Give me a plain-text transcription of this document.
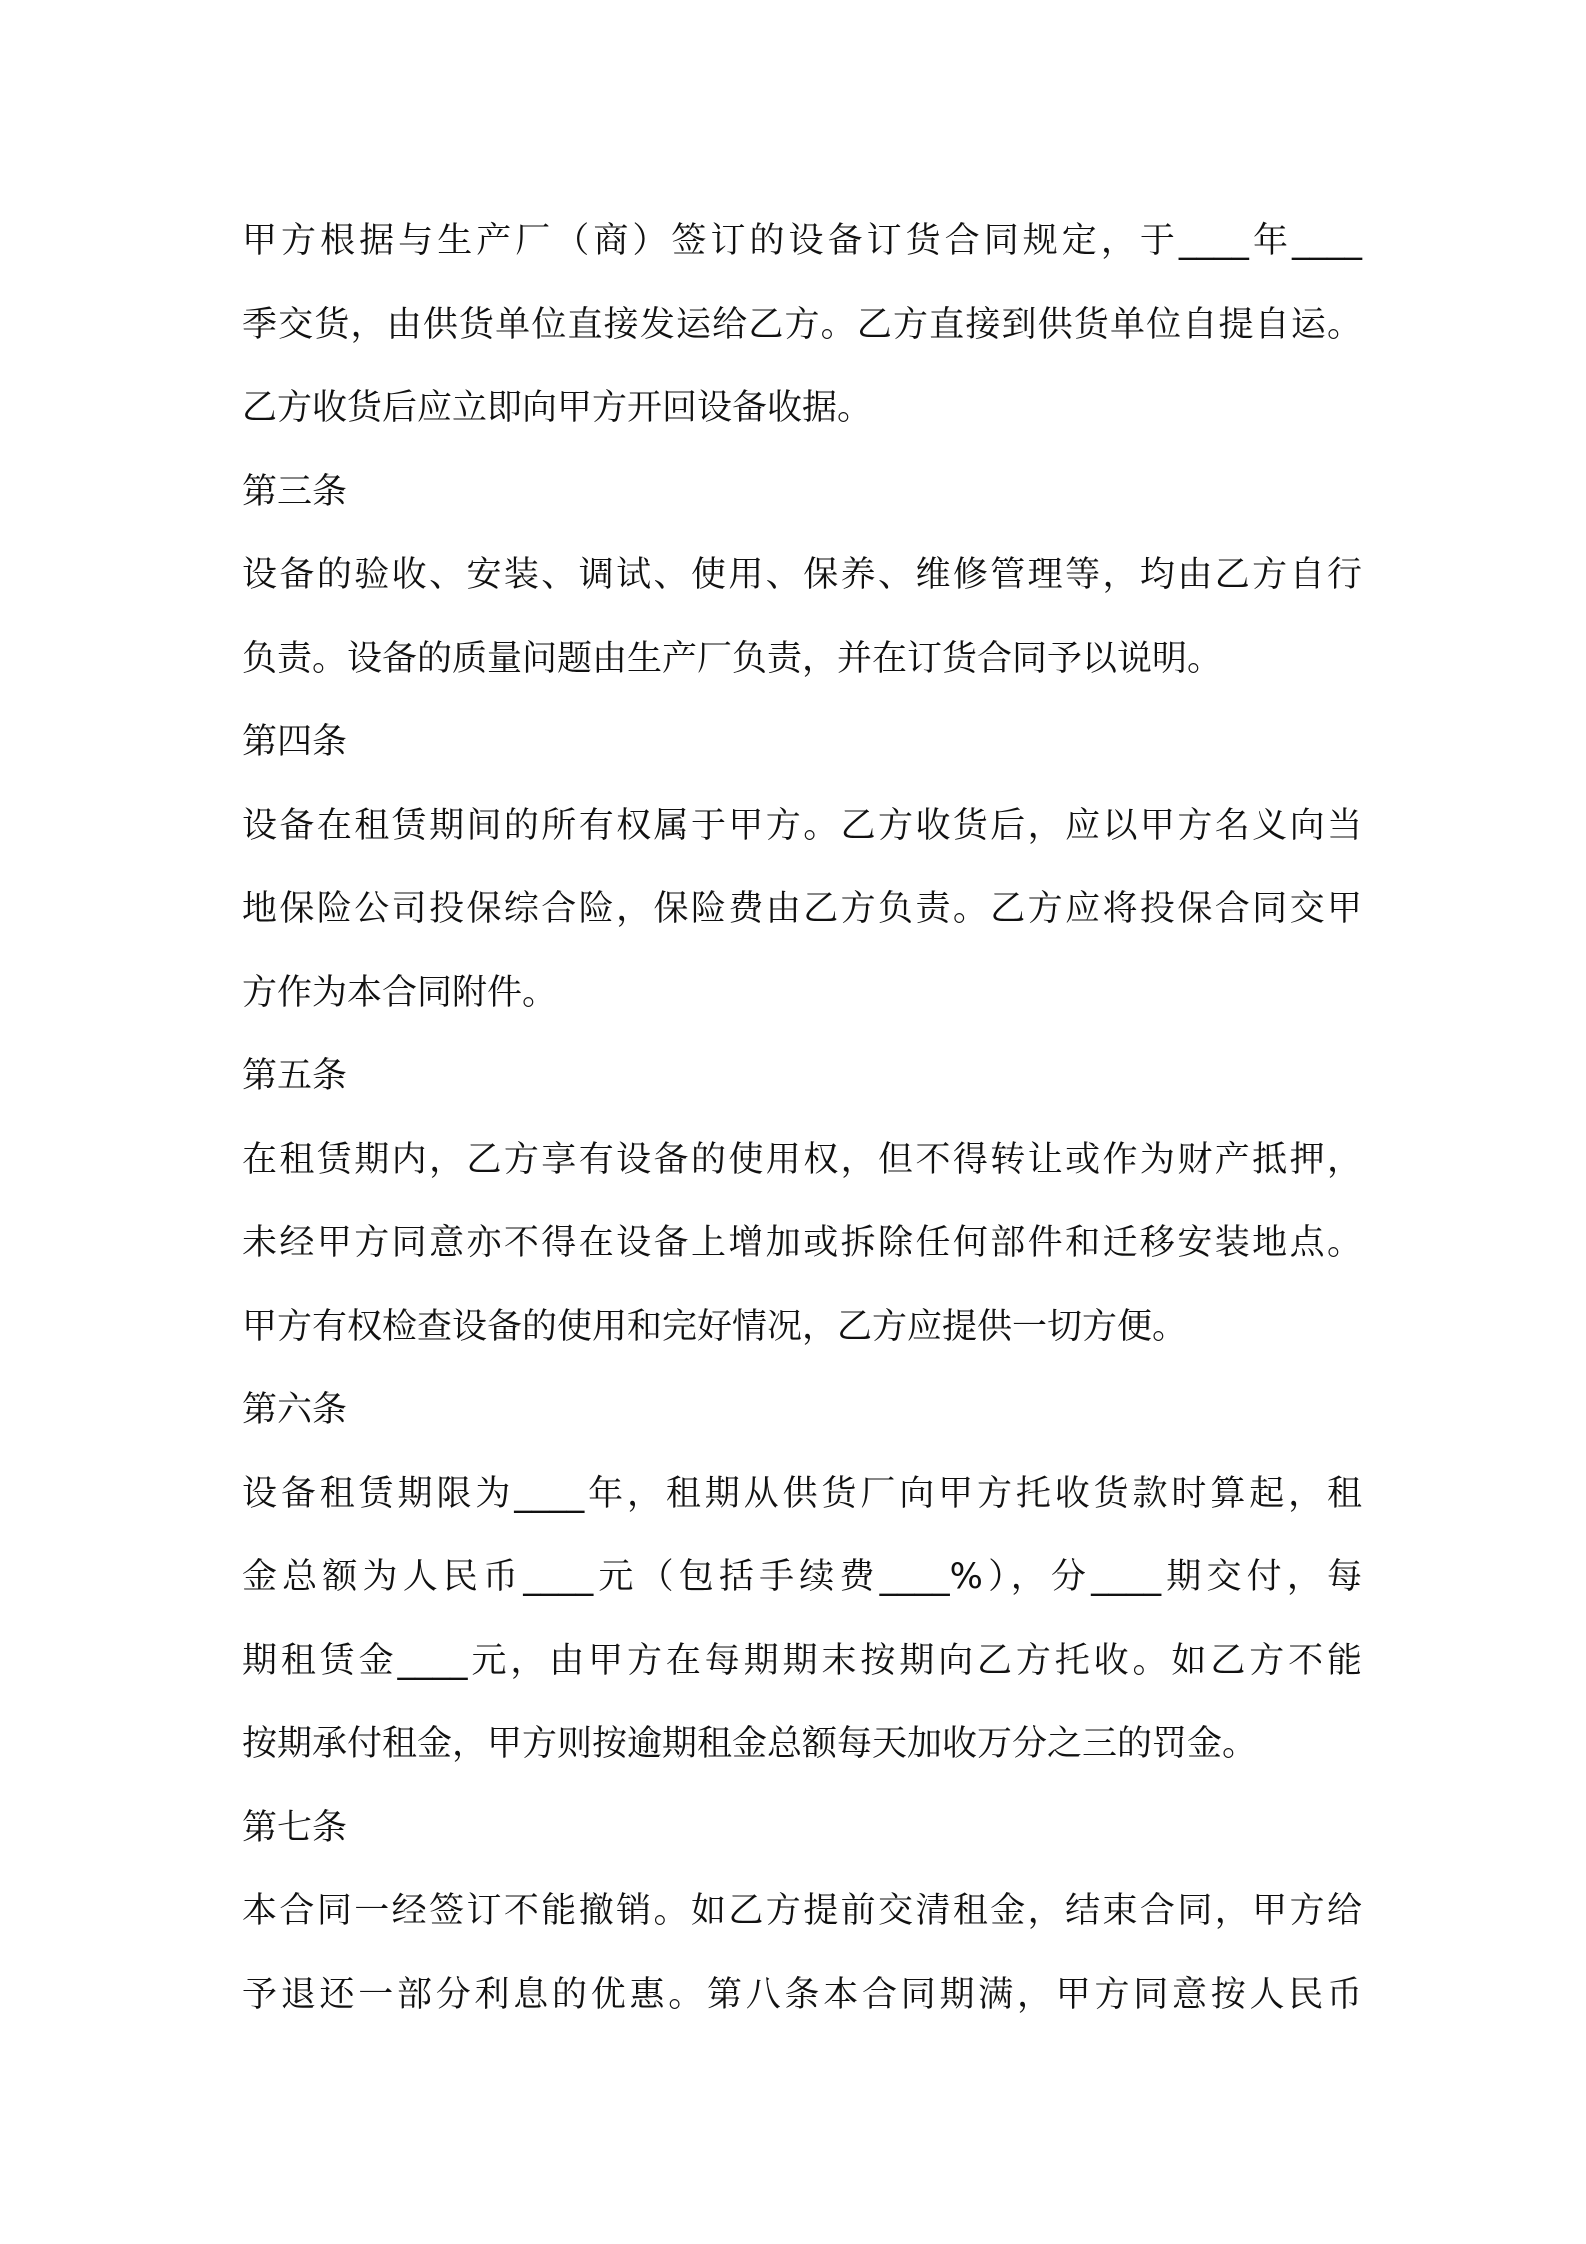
甲方根据与生产厂（商）签订的设备订货合同规定，于____年____
季交货，由供货单位直接发运给乙方。乙方直接到供货单位自提自运。
乙方收货后应立即向甲方开回设备收据。
第三条
设备的验收、安装、调试、使用、保养、维修管理等，均由乙方自行
负责。设备的质量问题由生产厂负责，并在订货合同予以说明。
第四条
设备在租赁期间的所有权属于甲方。乙方收货后，应以甲方名义向当
地保险公司投保综合险，保险费由乙方负责。乙方应将投保合同交甲
方作为本合同附件。
第五条
在租赁期内，乙方享有设备的使用权，但不得转让或作为财产抵押，
未经甲方同意亦不得在设备上增加或拆除任何部件和迁移安装地点。
甲方有权检查设备的使用和完好情况，乙方应提供一切方便。
第六条
设备租赁期限为____年，租期从供货厂向甲方托收货款时算起，租
金总额为人民币____元（包括手续费____%），分____期交付，每
期租赁金____元，由甲方在每期期末按期向乙方托收。如乙方不能
按期承付租金，甲方则按逾期租金总额每天加收万分之三的罚金。
第七条
本合同一经签订不能撤销。如乙方提前交清租金，结束合同，甲方给
予退还一部分利息的优惠。第八条本合同期满，甲方同意按人民币
